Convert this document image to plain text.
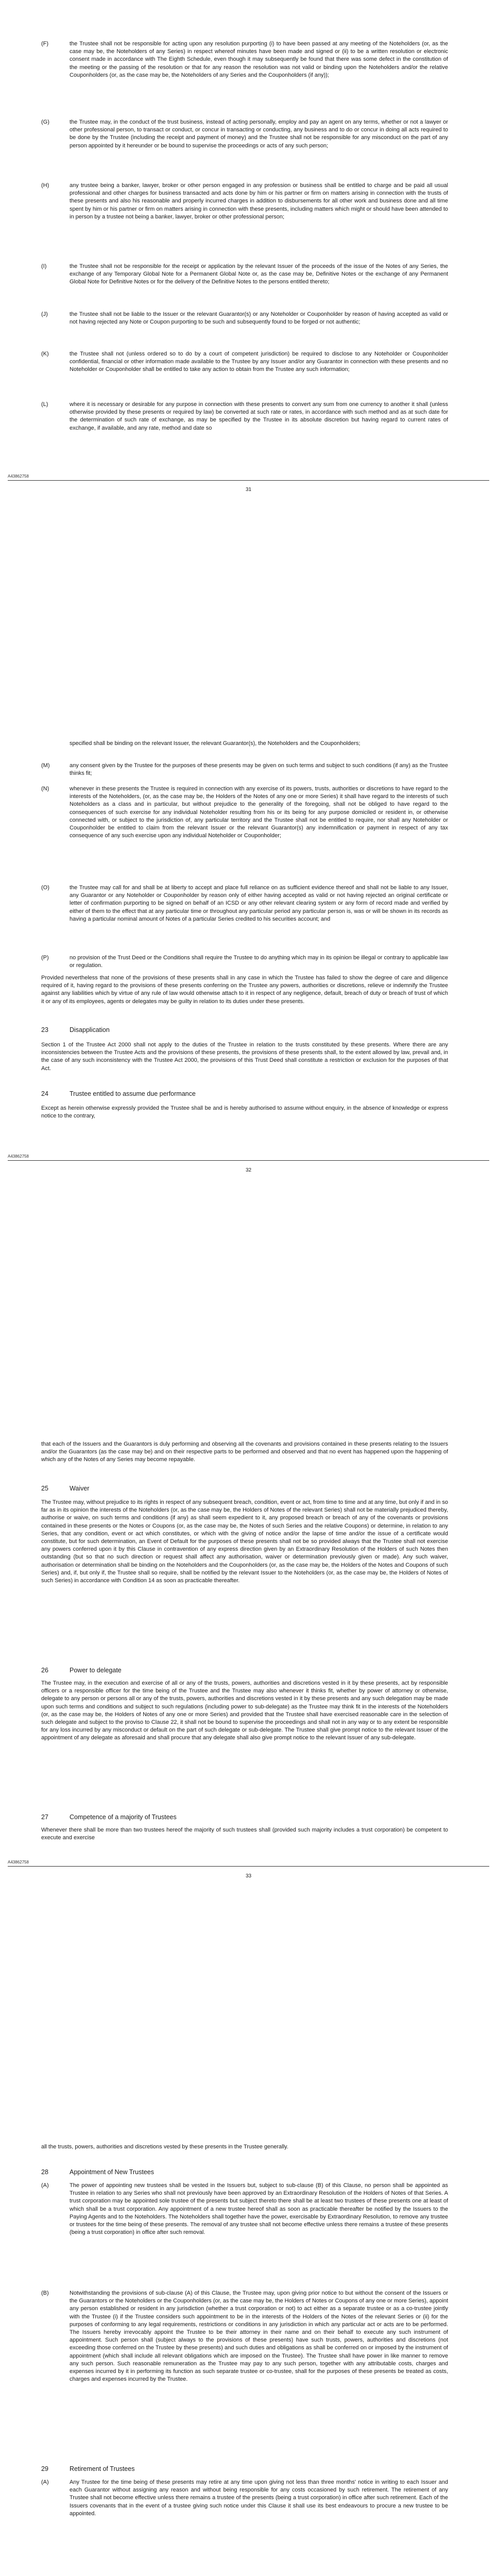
(F)	the Trustee shall not be responsible for acting upon any resolution purporting (i) to have been passed at any meeting of the Noteholders (or, as the case may be, the Noteholders of any Series) in respect whereof minutes have been made and signed or (ii) to be a written resolution or electronic consent made in accordance with The Eighth Schedule, even though it may subsequently be found that there was some defect in the constitution of the meeting or the passing of the resolution or that for any reason the resolution was not valid or binding upon the Noteholders and/or the relative Couponholders (or, as the case may be, the Noteholders of any Series and the Couponholders (if any));
(G)	the Trustee may, in the conduct of the trust business, instead of acting personally, employ and pay an agent on any terms, whether or not a lawyer or other professional person, to transact or conduct, or concur in transacting or conducting, any business and to do or concur in doing all acts required to be done by the Trustee (including the receipt and payment of money) and the Trustee shall not be responsible for any misconduct on the part of any person appointed by it hereunder or be bound to supervise the proceedings or acts of any such person;
(H)	any trustee being a banker, lawyer, broker or other person engaged in any profession or business shall be entitled to charge and be paid all usual professional and other charges for business transacted and acts done by him or his partner or firm on matters arising in connection with the trusts of these presents and also his reasonable and properly incurred charges in addition to disbursements for all other work and business done and all time spent by him or his partner or firm on matters arising in connection with these presents, including matters which might or should have been attended to in person by a trustee not being a banker, lawyer, broker or other professional person;
(I)	the Trustee shall not be responsible for the receipt or application by the relevant Issuer of the proceeds of the issue of the Notes of any Series, the exchange of any Temporary Global Note for a Permanent Global Note or, as the case may be, Definitive Notes or the exchange of any Permanent Global Note for Definitive Notes or for the delivery of the Definitive Notes to the persons entitled thereto;
(J)	the Trustee shall not be liable to the Issuer or the relevant Guarantor(s) or any Noteholder or Couponholder by reason of having accepted as valid or not having rejected any Note or Coupon purporting to be such and subsequently found to be forged or not authentic;
(K)	the Trustee shall not (unless ordered so to do by a court of competent jurisdiction) be required to disclose to any Noteholder or Couponholder confidential, financial or other information made available to the Trustee by any Issuer and/or any Guarantor in connection with these presents and no Noteholder or Couponholder shall be entitled to take any action to obtain from the Trustee any such information;
(L)	where it is necessary or desirable for any purpose in connection with these presents to convert any sum from one currency to another it shall (unless otherwise provided by these presents or required by law) be converted at such rate or rates, in accordance with such method and as at such date for the determination of such rate of exchange, as may be specified by the Trustee in its absolute discretion but having regard to current rates of exchange, if available, and any rate, method and date so
A43862758
31
specified shall be binding on the relevant Issuer, the relevant Guarantor(s), the Noteholders and the Couponholders;
(M)	any consent given by the Trustee for the purposes of these presents may be given on such terms and subject to such conditions (if any) as the Trustee thinks fit;
(N)	whenever in these presents the Trustee is required in connection with any exercise of its powers, trusts, authorities or discretions to have regard to the interests of the Noteholders, (or, as the case may be, the Holders of the Notes of any one or more Series) it shall have regard to the interests of such Noteholders as a class and in particular, but without prejudice to the generality of the foregoing, shall not be obliged to have regard to the consequences of such exercise for any individual Noteholder resulting from his or its being for any purpose domiciled or resident in, or otherwise connected with, or subject to the jurisdiction of, any particular territory and the Trustee shall not be entitled to require, nor shall any Noteholder or Couponholder be entitled to claim from the relevant Issuer or the relevant Guarantor(s) any indemnification or payment in respect of any tax consequence of any such exercise upon any individual Noteholder or Couponholder;
(O)	the Trustee may call for and shall be at liberty to accept and place full reliance on as sufficient evidence thereof and shall not be liable to any Issuer, any Guarantor or any Noteholder or Couponholder by reason only of either having accepted as valid or not having rejected an original certificate or letter of confirmation purporting to be signed on behalf of an ICSD or any other relevant clearing system or any form of record made and verified by either of them to the effect that at any particular time or throughout any particular period any particular person is, was or will be shown in its records as having a particular nominal amount of Notes of a particular Series credited to his securities account; and
(P)	no provision of the Trust Deed or the Conditions shall require the Trustee to do anything which may in its opinion be illegal or contrary to applicable law or regulation.
Provided nevertheless that none of the provisions of these presents shall in any case in which the Trustee has failed to show the degree of care and diligence required of it, having regard to the provisions of these presents conferring on the Trustee any powers, authorities or discretions, relieve or indemnify the Trustee against any liabilities which by virtue of any rule of law would otherwise attach to it in respect of any negligence, default, breach of duty or breach of trust of which it or any of its employees, agents or delegates may be guilty in relation to its duties under these presents.
23	Disapplication
Section 1 of the Trustee Act 2000 shall not apply to the duties of the Trustee in relation to the trusts constituted by these presents. Where there are any inconsistencies between the Trustee Acts and the provisions of these presents, the provisions of these presents shall, to the extent allowed by law, prevail and, in the case of any such inconsistency with the Trustee Act 2000, the provisions of this Trust Deed shall constitute a restriction or exclusion for the purposes of that Act.
24	Trustee entitled to assume due performance
Except as herein otherwise expressly provided the Trustee shall be and is hereby authorised to assume without enquiry, in the absence of knowledge or express notice to the contrary,
A43862758
32
that each of the Issuers and the Guarantors is duly performing and observing all the covenants and provisions contained in these presents relating to the Issuers and/or the Guarantors (as the case may be) and on their respective parts to be performed and observed and that no event has happened upon the happening of which any of the Notes of any Series may become repayable.
25	Waiver
The Trustee may, without prejudice to its rights in respect of any subsequent breach, condition, event or act, from time to time and at any time, but only if and in so far as in its opinion the interests of the Noteholders (or, as the case may be, the Holders of Notes of the relevant Series) shall not be materially prejudiced thereby, authorise or waive, on such terms and conditions (if any) as shall seem expedient to it, any proposed breach or breach of any of the covenants or provisions contained in these presents or the Notes or Coupons (or, as the case may be, the Notes of such Series and the relative Coupons) or determine, in relation to any Series, that any condition, event or act which constitutes, or which with the giving of notice and/or the lapse of time and/or the issue of a certificate would constitute, but for such determination, an Event of Default for the purposes of these presents shall not be so provided always that the Trustee shall not exercise any powers conferred upon it by this Clause in contravention of any express direction given by an Extraordinary Resolution of the Holders of such Notes then outstanding (but so that no such direction or request shall affect any authorisation, waiver or determination previously given or made). Any such waiver, authorisation or determination shall be binding on the Noteholders and the Couponholders (or, as the case may be, the Holders of the Notes and Coupons of such Series) and, if, but only if, the Trustee shall so require, shall be notified by the relevant Issuer to the Noteholders (or, as the case may be, the Holders of Notes of such Series) in accordance with Condition 14 as soon as practicable thereafter.
26	Power to delegate
The Trustee may, in the execution and exercise of all or any of the trusts, powers, authorities and discretions vested in it by these presents, act by responsible officers or a responsible officer for the time being of the Trustee and the Trustee may also whenever it thinks fit, whether by power of attorney or otherwise, delegate to any person or persons all or any of the trusts, powers, authorities and discretions vested in it by these presents and any such delegation may be made upon such terms and conditions and subject to such regulations (including power to sub-delegate) as the Trustee may think fit in the interests of the Noteholders (or, as the case may be, the Holders of Notes of any one or more Series) and provided that the Trustee shall have exercised reasonable care in the selection of such delegate and subject to the proviso to Clause 22, it shall not be bound to supervise the proceedings and shall not in any way or to any extent be responsible for any loss incurred by any misconduct or default on the part of such delegate or sub-delegate. The Trustee shall give prompt notice to the relevant Issuer of the appointment of any delegate as aforesaid and shall procure that any delegate shall also give prompt notice to the relevant Issuer of any sub-delegate.
27	Competence of a majority of Trustees
Whenever there shall be more than two trustees hereof the majority of such trustees shall (provided such majority includes a trust corporation) be competent to execute and exercise
A43862758
33
all the trusts, powers, authorities and discretions vested by these presents in the Trustee generally.
28	Appointment of New Trustees
(A)	The power of appointing new trustees shall be vested in the Issuers but, subject to sub-clause (B) of this Clause, no person shall be appointed as Trustee in relation to any Series who shall not previously have been approved by an Extraordinary Resolution of the Holders of Notes of that Series. A trust corporation may be appointed sole trustee of the presents but subject thereto there shall be at least two trustees of these presents one at least of which shall be a trust corporation. Any appointment of a new trustee hereof shall as soon as practicable thereafter be notified by the Issuers to the Paying Agents and to the Noteholders. The Noteholders shall together have the power, exercisable by Extraordinary Resolution, to remove any trustee or trustees for the time being of these presents. The removal of any trustee shall not become effective unless there remains a trustee of these presents (being a trust corporation) in office after such removal.
(B)	Notwithstanding the provisions of sub-clause (A) of this Clause, the Trustee may, upon giving prior notice to but without the consent of the Issuers or the Guarantors or the Noteholders or the Couponholders (or, as the case may be, the Holders of Notes or Coupons of any one or more Series), appoint any person established or resident in any jurisdiction (whether a trust corporation or not) to act either as a separate trustee or as a co-trustee jointly with the Trustee (i) if the Trustee considers such appointment to be in the interests of the Holders of the Notes of the relevant Series or (ii) for the purposes of conforming to any legal requirements, restrictions or conditions in any jurisdiction in which any particular act or acts are to be performed. The Issuers hereby irrevocably appoint the Trustee to be their attorney in their name and on their behalf to execute any such instrument of appointment. Such person shall (subject always to the provisions of these presents) have such trusts, powers, authorities and discretions (not exceeding those conferred on the Trustee by these presents) and such duties and obligations as shall be conferred on or imposed by the instrument of appointment (which shall include all relevant obligations which are imposed on the Trustee). The Trustee shall have power in like manner to remove any such person. Such reasonable remuneration as the Trustee may pay to any such person, together with any attributable costs, charges and expenses incurred by it in performing its function as such separate trustee or co-trustee, shall for the purposes of these presents be treated as costs, charges and expenses incurred by the Trustee.
29	Retirement of Trustees
(A)	Any Trustee for the time being of these presents may retire at any time upon giving not less than three months' notice in writing to each Issuer and each Guarantor without assigning any reason and without being responsible for any costs occasioned by such retirement. The retirement of any Trustee shall not become effective unless there remains a trustee of the presents (being a trust corporation) in office after such retirement. Each of the Issuers covenants that in the event of a trustee giving such notice under this Clause it shall use its best endeavours to procure a new trustee to be appointed.
